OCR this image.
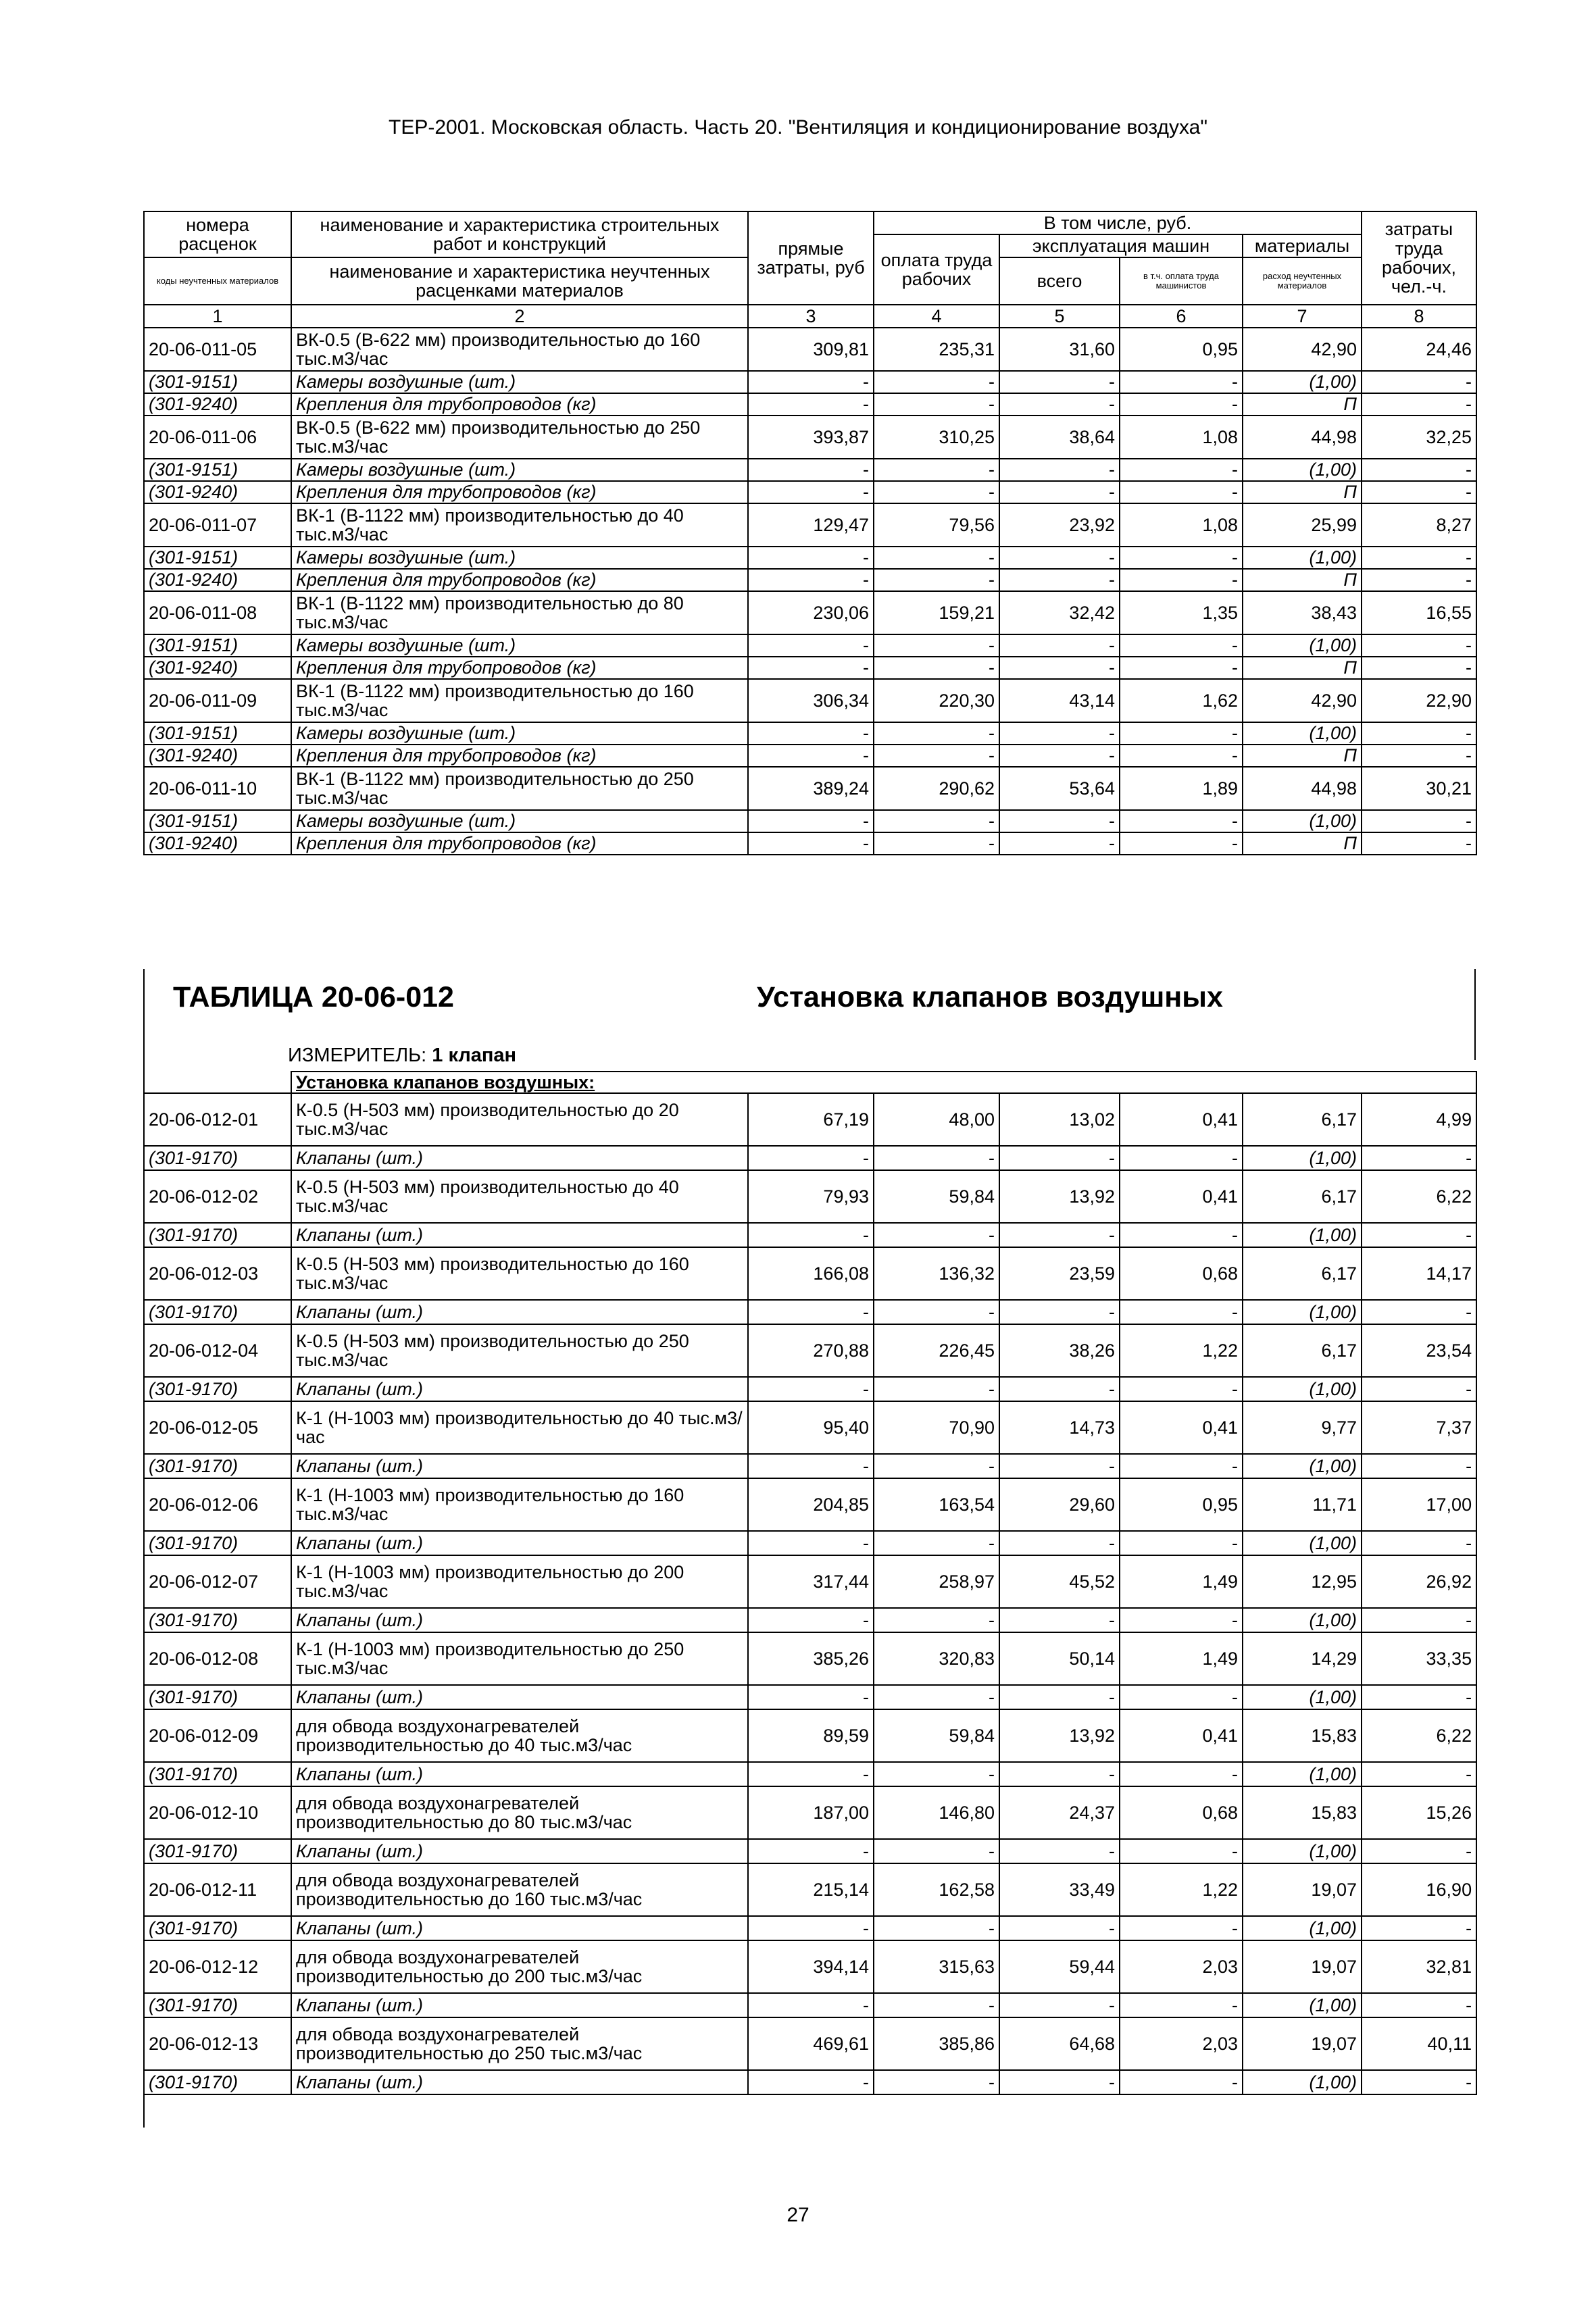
ТЕР-2001. Московская область. Часть 20. "Вентиляция и кондиционирование воздуха"
номера расценок	наименование и характеристика строительных работ и конструкций	прямые затраты, руб	В том числе, руб.				затраты труда рабочих, чел.-ч.
			оплата труда рабочих	эксплуатация машин		материалы	
коды неучтенных материалов	наименование и характеристика неучтенных расценками материалов			всего	в т.ч. оплата труда машинистов	расход неучтенных материалов	

1	2	3	4	5	6	7	8
20-06-011-05	ВК-0.5 (В-622 мм) производительностью до 160 тыс.м3/час	309,81	235,31	31,60	0,95	42,90	24,46
(301-9151)	Камеры воздушные (шт.)	-	-	-	-	(1,00)	-
(301-9240)	Крепления для трубопроводов (кг)	-	-	-	-	П	-
20-06-011-06	ВК-0.5 (В-622 мм) производительностью до 250 тыс.м3/час	393,87	310,25	38,64	1,08	44,98	32,25
(301-9151)	Камеры воздушные (шт.)	-	-	-	-	(1,00)	-
(301-9240)	Крепления для трубопроводов (кг)	-	-	-	-	П	-
20-06-011-07	ВК-1 (В-1122 мм) производительностью до 40 тыс.м3/час	129,47	79,56	23,92	1,08	25,99	8,27
(301-9151)	Камеры воздушные (шт.)	-	-	-	-	(1,00)	-
(301-9240)	Крепления для трубопроводов (кг)	-	-	-	-	П	-
20-06-011-08	ВК-1 (В-1122 мм) производительностью до 80 тыс.м3/час	230,06	159,21	32,42	1,35	38,43	16,55
(301-9151)	Камеры воздушные (шт.)	-	-	-	-	(1,00)	-
(301-9240)	Крепления для трубопроводов (кг)	-	-	-	-	П	-
20-06-011-09	ВК-1 (В-1122 мм) производительностью до 160 тыс.м3/час	306,34	220,30	43,14	1,62	42,90	22,90
(301-9151)	Камеры воздушные (шт.)	-	-	-	-	(1,00)	-
(301-9240)	Крепления для трубопроводов (кг)	-	-	-	-	П	-
20-06-011-10	ВК-1 (В-1122 мм) производительностью до 250 тыс.м3/час	389,24	290,62	53,64	1,89	44,98	30,21
(301-9151)	Камеры воздушные (шт.)	-	-	-	-	(1,00)	-
(301-9240)	Крепления для трубопроводов (кг)	-	-	-	-	П	-
ТАБЛИЦА 20-06-012	Установка клапанов воздушных
ИЗМЕРИТЕЛЬ: 1 клапан
	Установка клапанов воздушных:						
20-06-012-01	К-0.5 (Н-503 мм) производительностью до 20 тыс.м3/час	67,19	48,00	13,02	0,41	6,17	4,99
(301-9170)	Клапаны (шт.)	-	-	-	-	(1,00)	-
20-06-012-02	К-0.5 (Н-503 мм) производительностью до 40 тыс.м3/час	79,93	59,84	13,92	0,41	6,17	6,22
(301-9170)	Клапаны (шт.)	-	-	-	-	(1,00)	-
20-06-012-03	К-0.5 (Н-503 мм) производительностью до 160 тыс.м3/час	166,08	136,32	23,59	0,68	6,17	14,17
(301-9170)	Клапаны (шт.)	-	-	-	-	(1,00)	-
20-06-012-04	К-0.5 (Н-503 мм) производительностью до 250 тыс.м3/час	270,88	226,45	38,26	1,22	6,17	23,54
(301-9170)	Клапаны (шт.)	-	-	-	-	(1,00)	-
20-06-012-05	К-1 (Н-1003 мм) производительностью до 40 тыс.м3/час	95,40	70,90	14,73	0,41	9,77	7,37
(301-9170)	Клапаны (шт.)	-	-	-	-	(1,00)	-
20-06-012-06	К-1 (Н-1003 мм) производительностью до 160 тыс.м3/час	204,85	163,54	29,60	0,95	11,71	17,00
(301-9170)	Клапаны (шт.)	-	-	-	-	(1,00)	-
20-06-012-07	К-1 (Н-1003 мм) производительностью до 200 тыс.м3/час	317,44	258,97	45,52	1,49	12,95	26,92
(301-9170)	Клапаны (шт.)	-	-	-	-	(1,00)	-
20-06-012-08	К-1 (Н-1003 мм) производительностью до 250 тыс.м3/час	385,26	320,83	50,14	1,49	14,29	33,35
(301-9170)	Клапаны (шт.)	-	-	-	-	(1,00)	-
20-06-012-09	для обвода воздухонагревателей производительностью до 40 тыс.м3/час	89,59	59,84	13,92	0,41	15,83	6,22
(301-9170)	Клапаны (шт.)	-	-	-	-	(1,00)	-
20-06-012-10	для обвода воздухонагревателей производительностью до 80 тыс.м3/час	187,00	146,80	24,37	0,68	15,83	15,26
(301-9170)	Клапаны (шт.)	-	-	-	-	(1,00)	-
20-06-012-11	для обвода воздухонагревателей производительностью до 160 тыс.м3/час	215,14	162,58	33,49	1,22	19,07	16,90
(301-9170)	Клапаны (шт.)	-	-	-	-	(1,00)	-
20-06-012-12	для обвода воздухонагревателей производительностью до 200 тыс.м3/час	394,14	315,63	59,44	2,03	19,07	32,81
(301-9170)	Клапаны (шт.)	-	-	-	-	(1,00)	-
20-06-012-13	для обвода воздухонагревателей производительностью до 250 тыс.м3/час	469,61	385,86	64,68	2,03	19,07	40,11
(301-9170)	Клапаны (шт.)	-	-	-	-	(1,00)	-
27
